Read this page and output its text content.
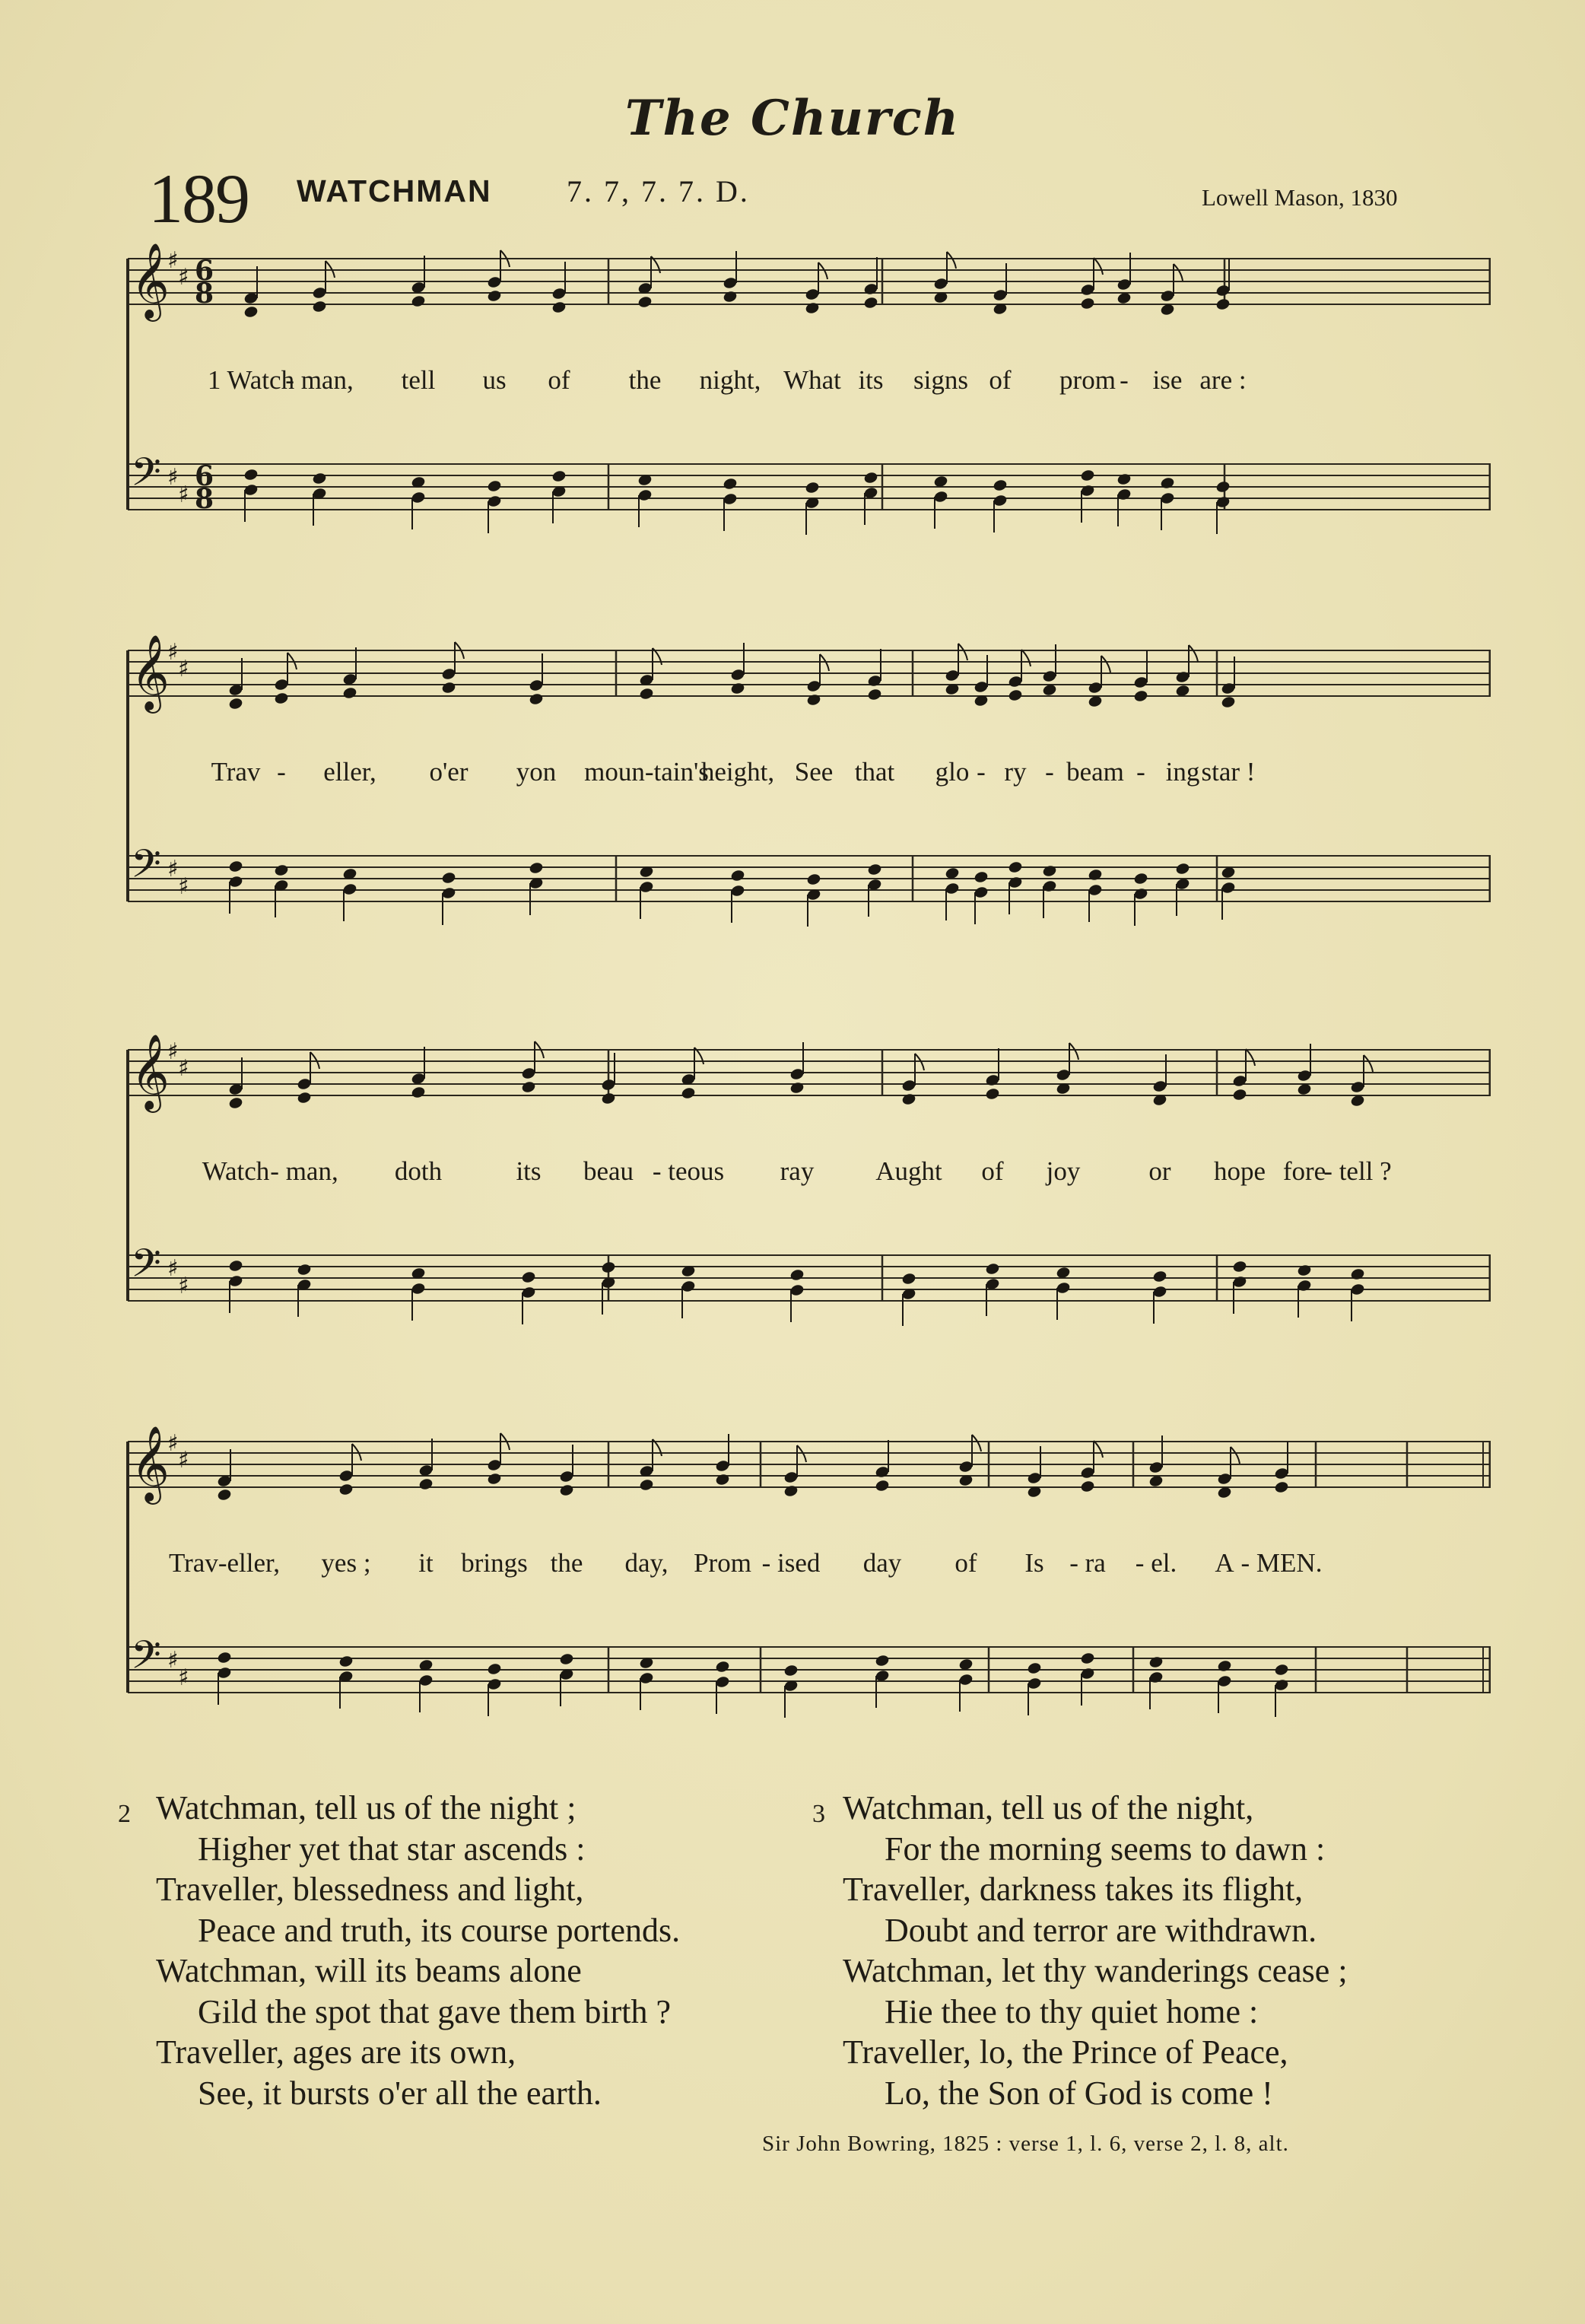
The Church
189 WATCHMAN 7. 7, 7. 7. D.	Lowell Mason, 1830
𝄞
♯
♯ 6
8
𝄢 ♯
♯
6
8
1 Watch
- man, tell us of the night, What its signs of prom - ise are :
𝄞
♯
♯
𝄢 ♯
♯
Trav - eller, o'er yon moun-tain's
height, See that glo - ry - beam - ing star !
𝄞
♯
♯
𝄢 ♯
♯
Watch - man, doth	its beau - teous ray Aught of joy	or hope fore
- tell ?
𝄞
♯
♯
𝄢 ♯
♯
Trav-eller, yes ; it brings the day, Prom - ised day of Is - ra - el. A - MEN.
2 Watchman, tell us of the night ;
Higher yet that star ascends :
Traveller, blessedness and light,
Peace and truth, its course portends.
Watchman, will its beams alone
Gild the spot that gave them birth ?
Traveller, ages are its own,
See, it bursts o'er all the earth.
3 Watchman, tell us of the night,
For the morning seems to dawn :
Traveller, darkness takes its flight,
Doubt and terror are withdrawn.
Watchman, let thy wanderings cease ;
Hie thee to thy quiet home :
Traveller, lo, the Prince of Peace,
Lo, the Son of God is come !
Sir John Bowring, 1825 : verse 1, l. 6, verse 2, l. 8, alt.
